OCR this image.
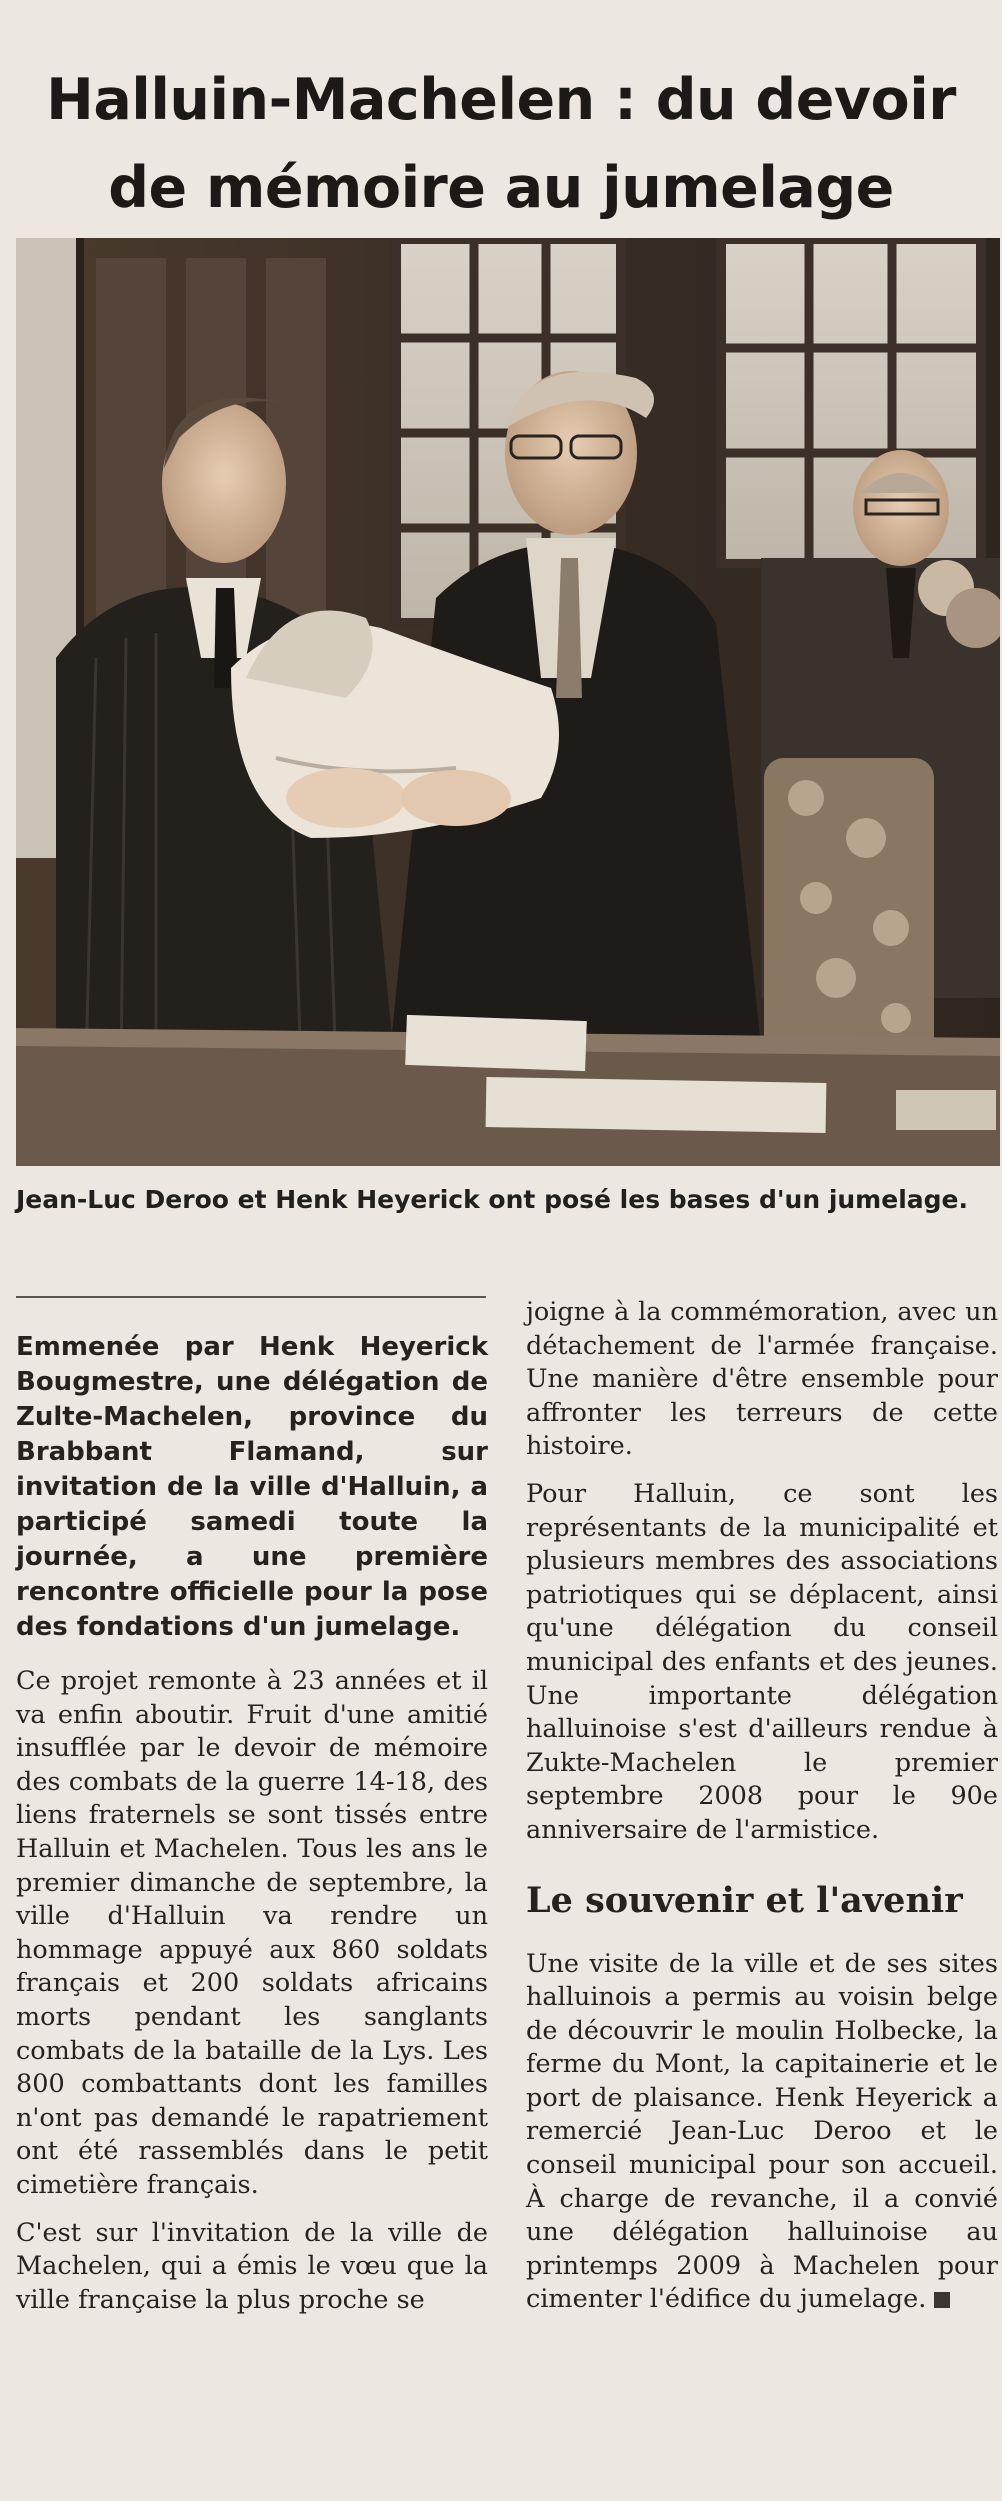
Halluin-Machelen : du devoir de mémoire au jumelage
Jean-Luc Deroo et Henk Heyerick ont posé les bases d'un jumelage.

Emmenée par Henk Heyerick Bougmestre, une délégation de Zulte-Machelen, province du Brabbant Flamand, sur invitation de la ville d'Halluin, a participé samedi toute la journée, a une première rencontre officielle pour la pose des fondations d'un jumelage.

Ce projet remonte à 23 années et il va enfin aboutir. Fruit d'une amitié insufflée par le devoir de mémoire des combats de la guerre 14-18, des liens fraternels se sont tissés entre Halluin et Machelen. Tous les ans le premier dimanche de septembre, la ville d'Halluin va rendre un hommage appuyé aux 860 soldats français et 200 soldats africains morts pendant les sanglants combats de la bataille de la Lys. Les 800 combattants dont les familles n'ont pas demandé le rapatriement ont été rassemblés dans le petit cimetière français.

C'est sur l'invitation de la ville de Machelen, qui a émis le vœu que la ville française la plus proche se

joigne à la commémoration, avec un détachement de l'armée française. Une manière d'être ensemble pour affronter les terreurs de cette histoire.

Pour Halluin, ce sont les représentants de la municipalité et plusieurs membres des associations patriotiques qui se déplacent, ainsi qu'une délégation du conseil municipal des enfants et des jeunes. Une importante délégation halluinoise s'est d'ailleurs rendue à Zukte-Machelen le premier septembre 2008 pour le 90e anniversaire de l'armistice.

Le souvenir et l'avenir

Une visite de la ville et de ses sites halluinois a permis au voisin belge de découvrir le moulin Holbecke, la ferme du Mont, la capitainerie et le port de plaisance. Henk Heyerick a remercié Jean-Luc Deroo et le conseil municipal pour son accueil. À charge de revanche, il a convié une délégation halluinoise au printemps 2009 à Machelen pour cimenter l'édifice du jumelage.
